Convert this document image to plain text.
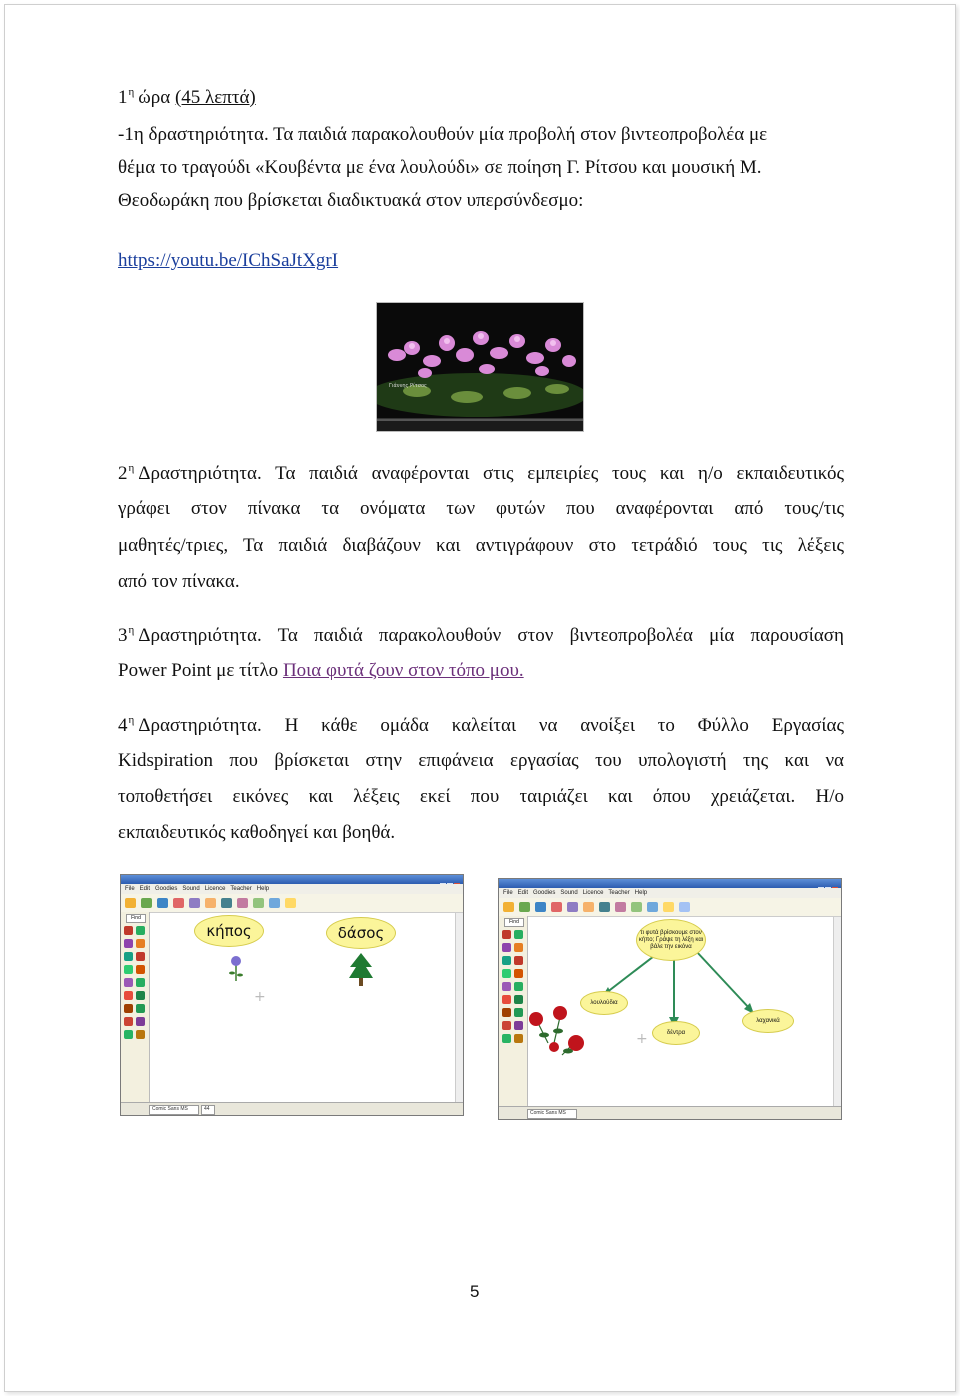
$1^\eta$ ώρα (45 λεπτά)
-1η δραστηριότητα. Τα παιδιά παρακολουθούν μία προβολή στον βιντεοπροβολέα με
θέμα το τραγούδι «Κουβέντα με ένα λουλούδι» σε ποίηση Γ. Ρίτσου και μουσική Μ.
Θεοδωράκη που βρίσκεται διαδικτυακά στον υπερσύνδεσμο:
https://youtu.be/IChSaJtXgrI
Γιάννης Ρίτσος
$2^\eta$ Δραστηριότητα. Τα παιδιά αναφέρονται στις εμπειρίες τους και η/ο εκπαιδευτικός
γράφει στον πίνακα τα ονόματα των φυτών που αναφέρονται από τους/τις
μαθητές/τριες, Τα παιδιά διαβάζουν και αντιγράφουν στο τετράδιό τους τις λέξεις
από τον πίνακα.
$3^\eta$ Δραστηριότητα. Τα παιδιά παρακολουθούν στον βιντεοπροβολέα μία παρουσίαση
Power Point με τίτλο Ποια φυτά ζουν στον τόπο μου.
$4^\eta$ Δραστηριότητα. Η κάθε ομάδα καλείται να ανοίξει το Φύλλο Εργασίας
Kidspiration που βρίσκεται στην επιφάνεια εργασίας του υπολογιστή της και να
τοποθετήσει εικόνες και λέξεις εκεί που ταιριάζει και όπου χρειάζεται. Η/ο
εκπαιδευτικός καθοδηγεί και βοηθά.
File Edit Goodies Sound Licence Teacher Help
Find
κήπος	δάσος
+
Comic Sans MS	44
File Edit Goodies Sound Licence Teacher Help
Find
τι φυτά βρίσκουμε στον κήπο; Γράψε τη λέξη και βάλε την εικόνα
λουλούδια
δέντρα
λαχανικά
+
Comic Sans MS
5
